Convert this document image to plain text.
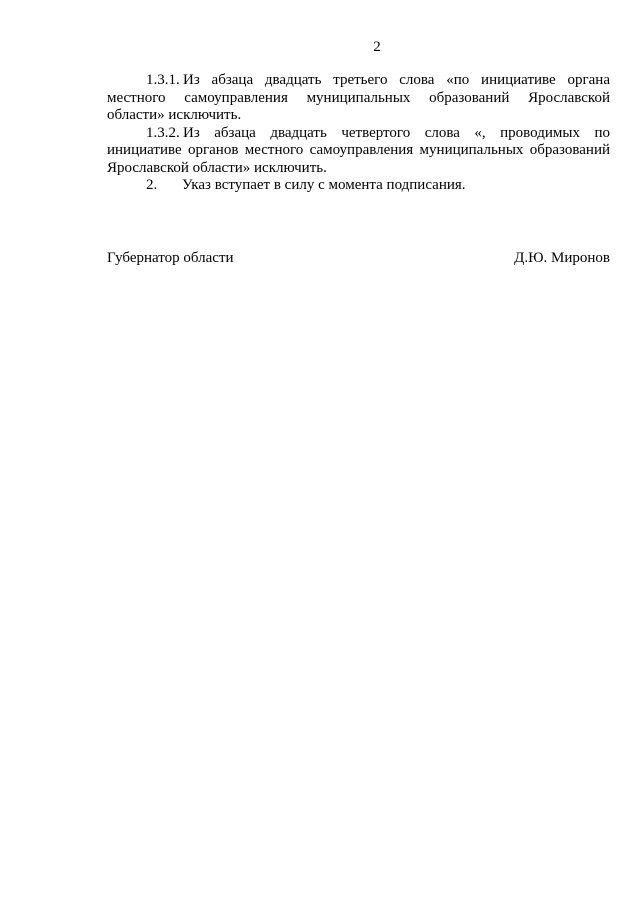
2

1.3.1. Из абзаца двадцать третьего слова «по инициативе органа местного самоуправления муниципальных образований Ярославской области» исключить.

1.3.2. Из абзаца двадцать четвертого слова «, проводимых по инициативе органов местного самоуправления муниципальных образований Ярославской области» исключить.

2. Указ вступает в силу с момента подписания.

Губернатор области	Д.Ю. Миронов
